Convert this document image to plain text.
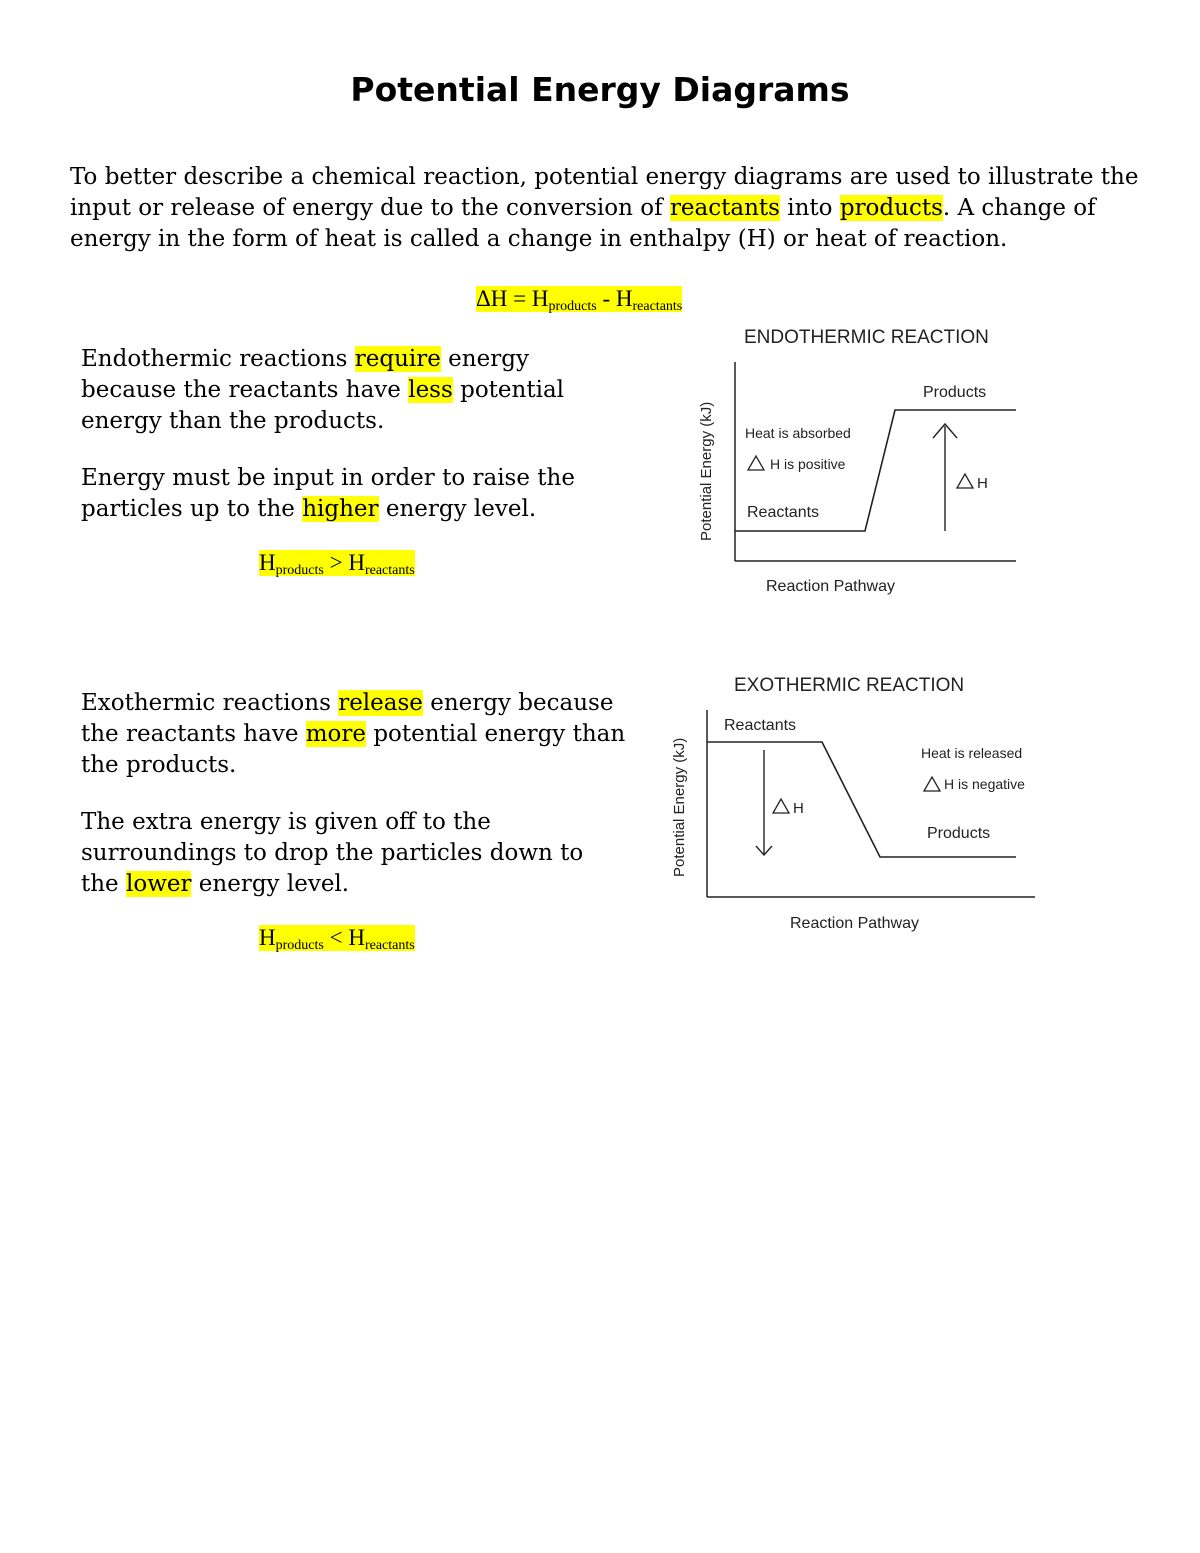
Potential Energy Diagrams
To better describe a chemical reaction, potential energy diagrams are used to illustrate the input or release of energy due to the conversion of reactants into products. A change of energy in the form of heat is called a change in enthalpy (H) or heat of reaction.
$\Delta H = H_{products} - H_{reactants}$

Endothermic reactions require energy because the reactants have less potential energy than the products.

Energy must be input in order to raise the particles up to the higher energy level.

$H_{products} > H_{reactants}$
ENDOTHERMIC REACTION
Potential Energy (kJ)
Products
Reactants
Heat is absorbed
H is positive
H
Reaction Pathway

Exothermic reactions release energy because the reactants have more potential energy than the products.

The extra energy is given off to the surroundings to drop the particles down to the lower energy level.

$H_{products} < H_{reactants}$
EXOTHERMIC REACTION
Potential Energy (kJ)
Reactants
Products
Heat is released
H is negative
H
Reaction Pathway
